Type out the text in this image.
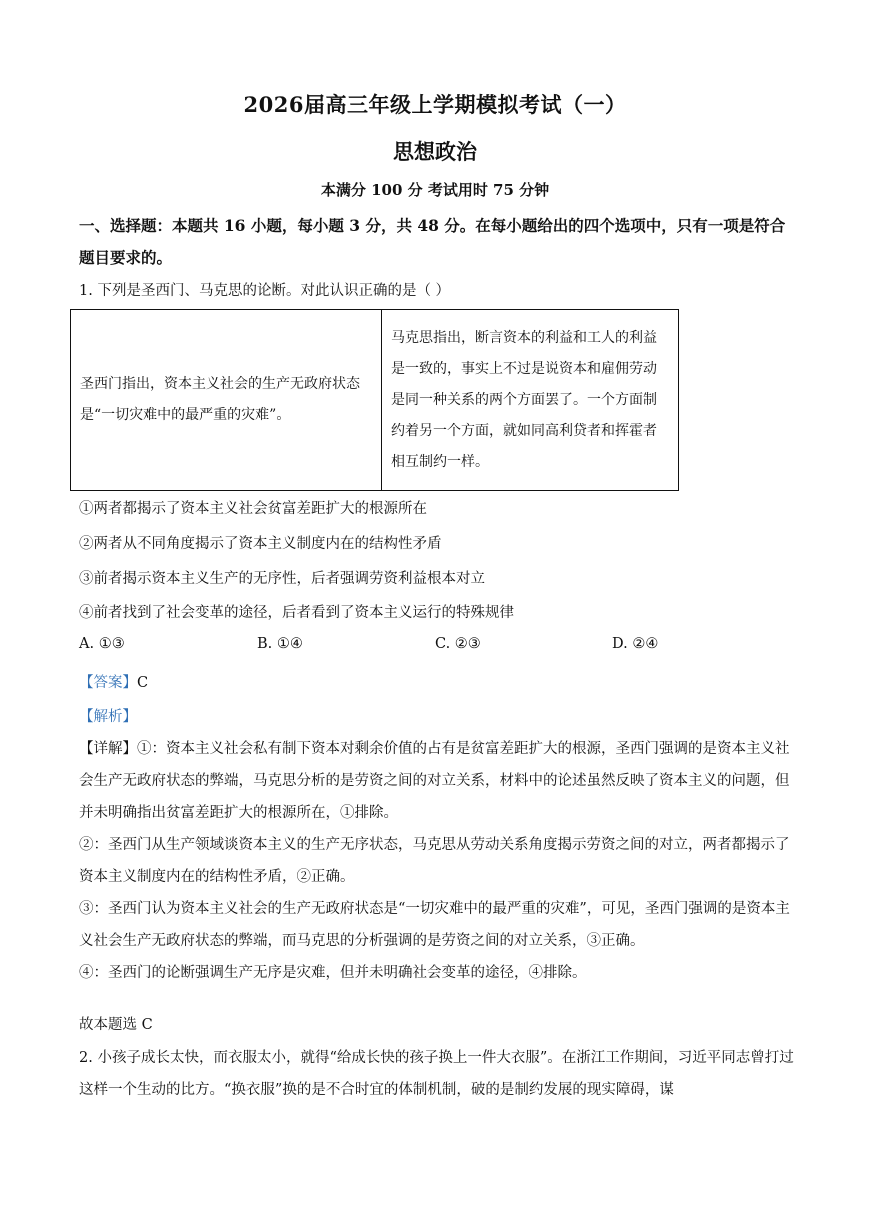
2026届高三年级上学期模拟考试（一）
思想政治
本满分 100 分 考试用时 75 分钟
一、选择题：本题共 16 小题，每小题 3 分，共 48 分。在每小题给出的四个选项中，只有一项是符合题目要求的。
1. 下列是圣西门、马克思的论断。对此认识正确的是（ ）
圣西门指出，资本主义社会的生产无政府状态是“一切灾难中的最严重的灾难”。	马克思指出，断言资本的利益和工人的利益是一致的，事实上不过是说资本和雇佣劳动是同一种关系的两个方面罢了。一个方面制约着另一个方面，就如同高利贷者和挥霍者相互制约一样。
①两者都揭示了资本主义社会贫富差距扩大的根源所在
②两者从不同角度揭示了资本主义制度内在的结构性矛盾
③前者揭示资本主义生产的无序性，后者强调劳资利益根本对立
④前者找到了社会变革的途径，后者看到了资本主义运行的特殊规律
A. ①③	B. ①④	C. ②③	D. ②④
【答案】C
【解析】
【详解】①：资本主义社会私有制下资本对剩余价值的占有是贫富差距扩大的根源，圣西门强调的是资本主义社会生产无政府状态的弊端，马克思分析的是劳资之间的对立关系，材料中的论述虽然反映了资本主义的问题，但并未明确指出贫富差距扩大的根源所在，①排除。
②：圣西门从生产领域谈资本主义的生产无序状态，马克思从劳动关系角度揭示劳资之间的对立，两者都揭示了资本主义制度内在的结构性矛盾，②正确。
③：圣西门认为资本主义社会的生产无政府状态是“一切灾难中的最严重的灾难”，可见，圣西门强调的是资本主义社会生产无政府状态的弊端，而马克思的分析强调的是劳资之间的对立关系，③正确。
④：圣西门的论断强调生产无序是灾难，但并未明确社会变革的途径，④排除。
故本题选 C
2. 小孩子成长太快，而衣服太小，就得“给成长快的孩子换上一件大衣服”。在浙江工作期间，习近平同志曾打过这样一个生动的比方。“换衣服”换的是不合时宜的体制机制，破的是制约发展的现实障碍，谋
